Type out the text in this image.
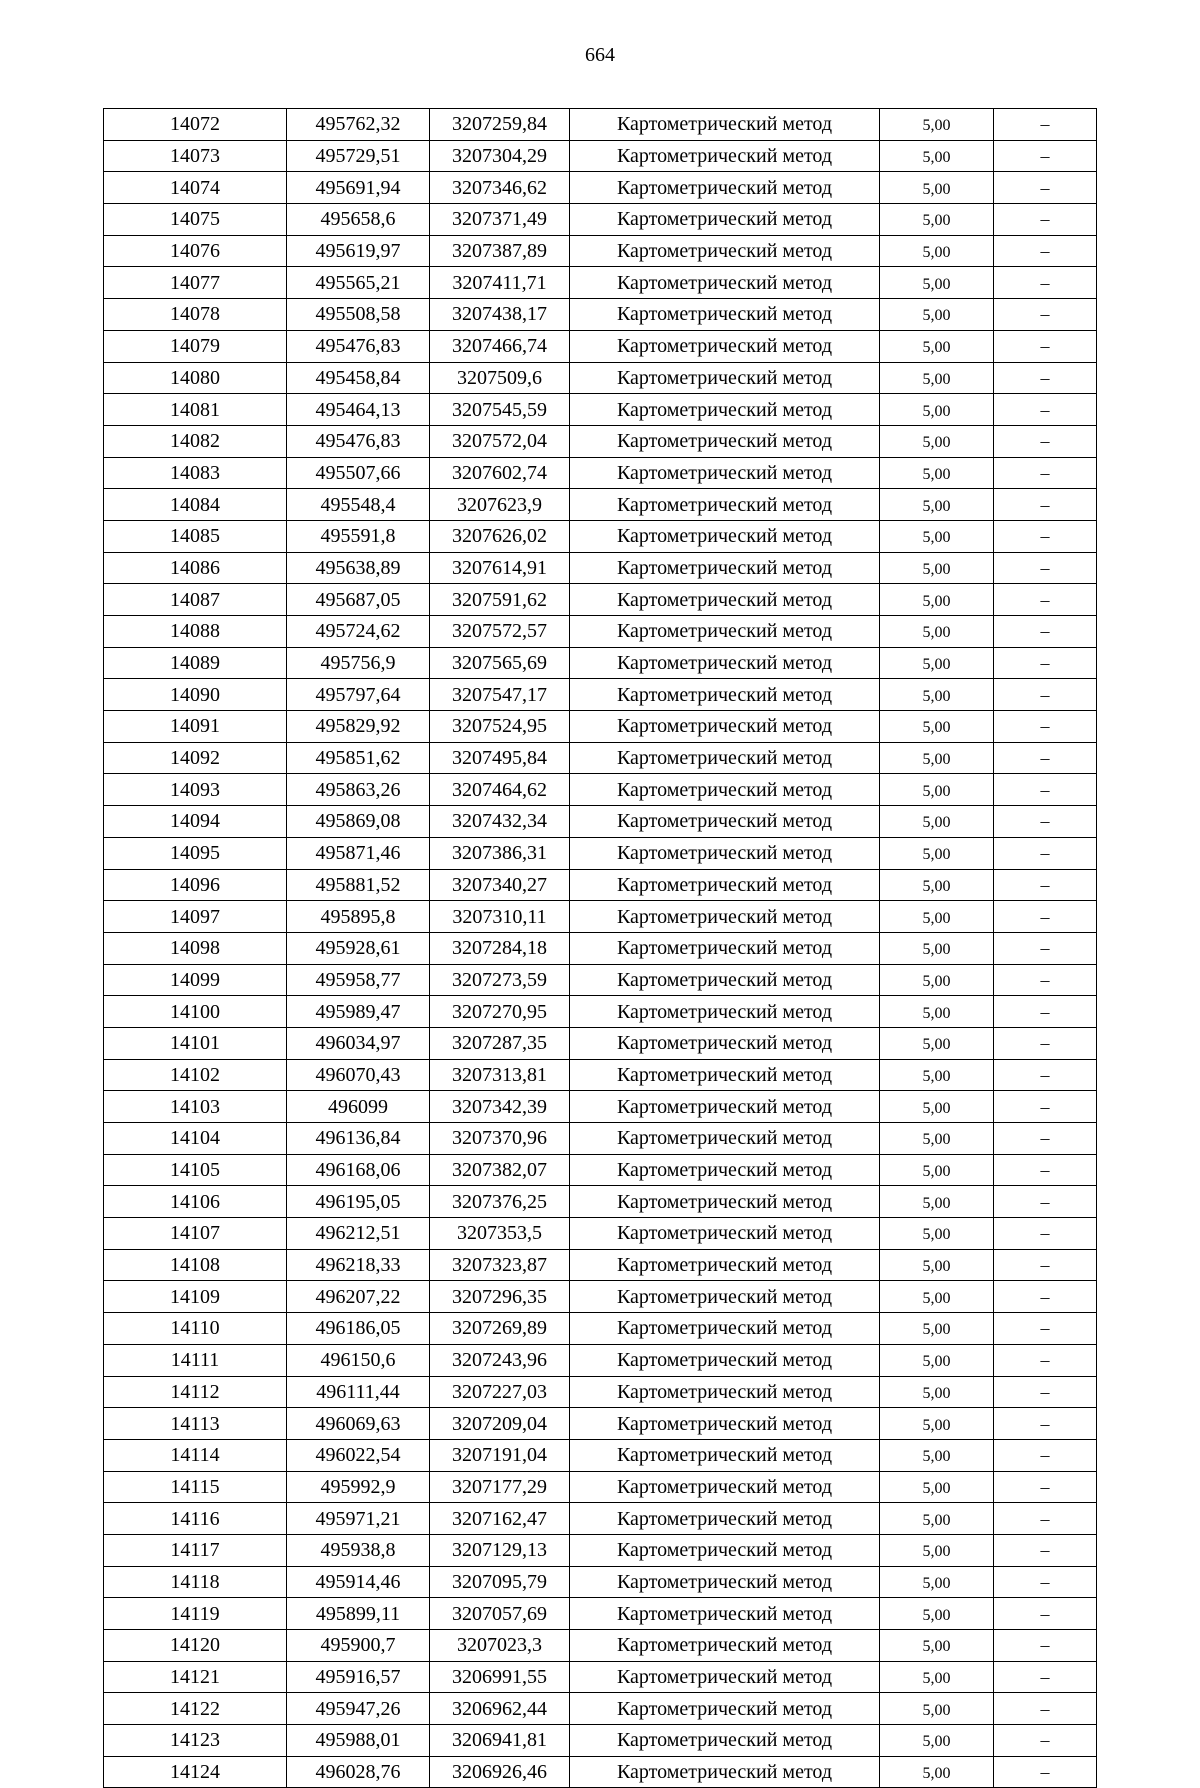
664
14072	495762,32	3207259,84	Картометрический метод	5,00	–
14073	495729,51	3207304,29	Картометрический метод	5,00	–
14074	495691,94	3207346,62	Картометрический метод	5,00	–
14075	495658,6	3207371,49	Картометрический метод	5,00	–
14076	495619,97	3207387,89	Картометрический метод	5,00	–
14077	495565,21	3207411,71	Картометрический метод	5,00	–
14078	495508,58	3207438,17	Картометрический метод	5,00	–
14079	495476,83	3207466,74	Картометрический метод	5,00	–
14080	495458,84	3207509,6	Картометрический метод	5,00	–
14081	495464,13	3207545,59	Картометрический метод	5,00	–
14082	495476,83	3207572,04	Картометрический метод	5,00	–
14083	495507,66	3207602,74	Картометрический метод	5,00	–
14084	495548,4	3207623,9	Картометрический метод	5,00	–
14085	495591,8	3207626,02	Картометрический метод	5,00	–
14086	495638,89	3207614,91	Картометрический метод	5,00	–
14087	495687,05	3207591,62	Картометрический метод	5,00	–
14088	495724,62	3207572,57	Картометрический метод	5,00	–
14089	495756,9	3207565,69	Картометрический метод	5,00	–
14090	495797,64	3207547,17	Картометрический метод	5,00	–
14091	495829,92	3207524,95	Картометрический метод	5,00	–
14092	495851,62	3207495,84	Картометрический метод	5,00	–
14093	495863,26	3207464,62	Картометрический метод	5,00	–
14094	495869,08	3207432,34	Картометрический метод	5,00	–
14095	495871,46	3207386,31	Картометрический метод	5,00	–
14096	495881,52	3207340,27	Картометрический метод	5,00	–
14097	495895,8	3207310,11	Картометрический метод	5,00	–
14098	495928,61	3207284,18	Картометрический метод	5,00	–
14099	495958,77	3207273,59	Картометрический метод	5,00	–
14100	495989,47	3207270,95	Картометрический метод	5,00	–
14101	496034,97	3207287,35	Картометрический метод	5,00	–
14102	496070,43	3207313,81	Картометрический метод	5,00	–
14103	496099	3207342,39	Картометрический метод	5,00	–
14104	496136,84	3207370,96	Картометрический метод	5,00	–
14105	496168,06	3207382,07	Картометрический метод	5,00	–
14106	496195,05	3207376,25	Картометрический метод	5,00	–
14107	496212,51	3207353,5	Картометрический метод	5,00	–
14108	496218,33	3207323,87	Картометрический метод	5,00	–
14109	496207,22	3207296,35	Картометрический метод	5,00	–
14110	496186,05	3207269,89	Картометрический метод	5,00	–
14111	496150,6	3207243,96	Картометрический метод	5,00	–
14112	496111,44	3207227,03	Картометрический метод	5,00	–
14113	496069,63	3207209,04	Картометрический метод	5,00	–
14114	496022,54	3207191,04	Картометрический метод	5,00	–
14115	495992,9	3207177,29	Картометрический метод	5,00	–
14116	495971,21	3207162,47	Картометрический метод	5,00	–
14117	495938,8	3207129,13	Картометрический метод	5,00	–
14118	495914,46	3207095,79	Картометрический метод	5,00	–
14119	495899,11	3207057,69	Картометрический метод	5,00	–
14120	495900,7	3207023,3	Картометрический метод	5,00	–
14121	495916,57	3206991,55	Картометрический метод	5,00	–
14122	495947,26	3206962,44	Картометрический метод	5,00	–
14123	495988,01	3206941,81	Картометрический метод	5,00	–
14124	496028,76	3206926,46	Картометрический метод	5,00	–
